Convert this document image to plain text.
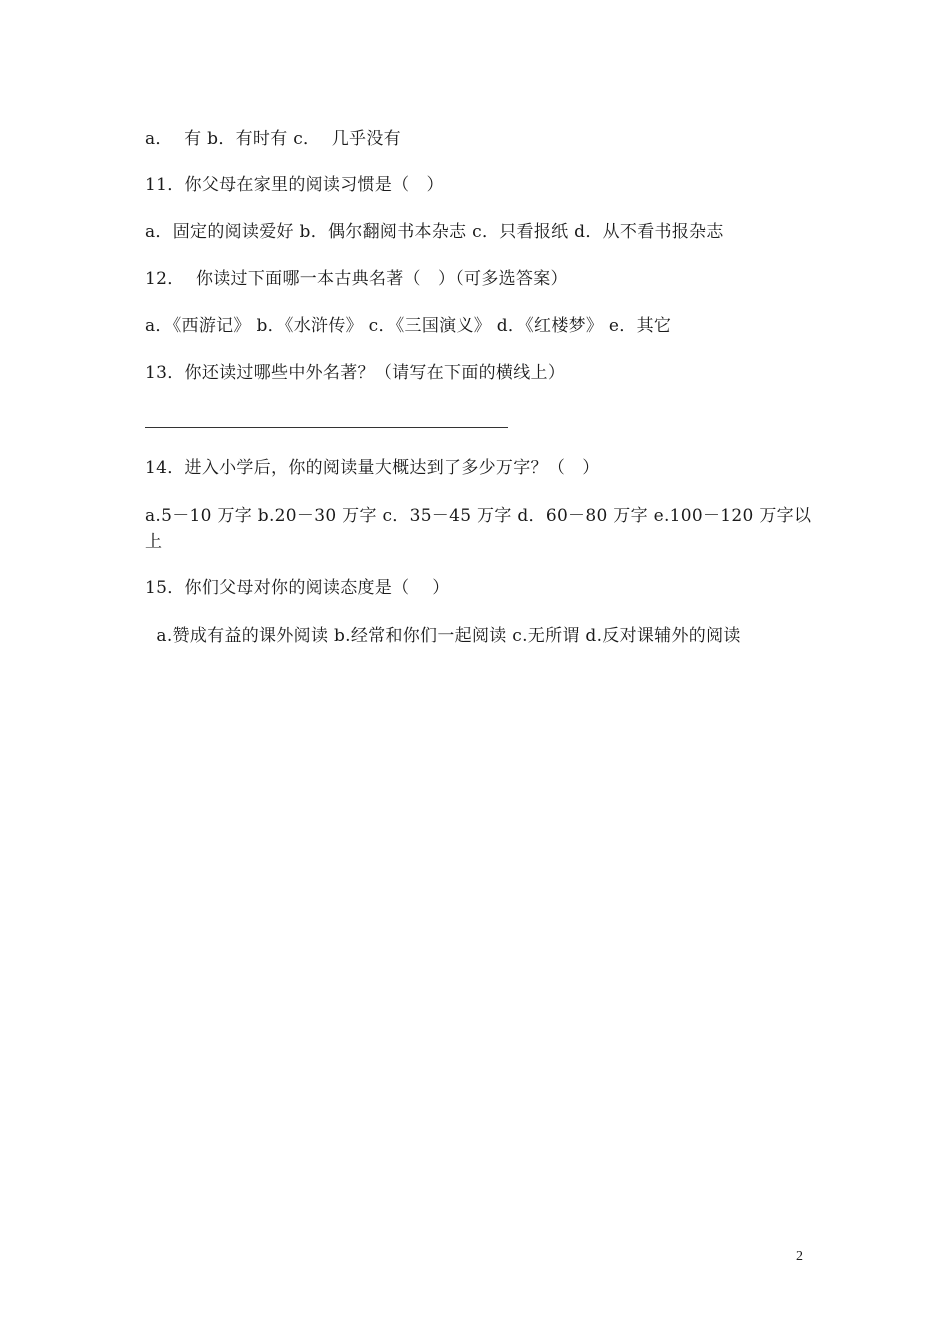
a．  有 b．有时有 c．  几乎没有
11．你父母在家里的阅读习惯是（   ）
a．固定的阅读爱好 b．偶尔翻阅书本杂志 c．只看报纸 d．从不看书报杂志
12．  你读过下面哪一本古典名著（   ）（可多选答案）
a．《西游记》 b．《水浒传》 c．《三国演义》 d．《红楼梦》 e．其它
13．你还读过哪些中外名著？（请写在下面的横线上）
14．进入小学后，你的阅读量大概达到了多少万字？（   ）
a.5－10 万字 b.20－30 万字 c．35－45 万字 d．60－80 万字 e.100－120 万字以上
15．你们父母对你的阅读态度是（    ）
a.赞成有益的课外阅读 b.经常和你们一起阅读 c.无所谓 d.反对课辅外的阅读
2
